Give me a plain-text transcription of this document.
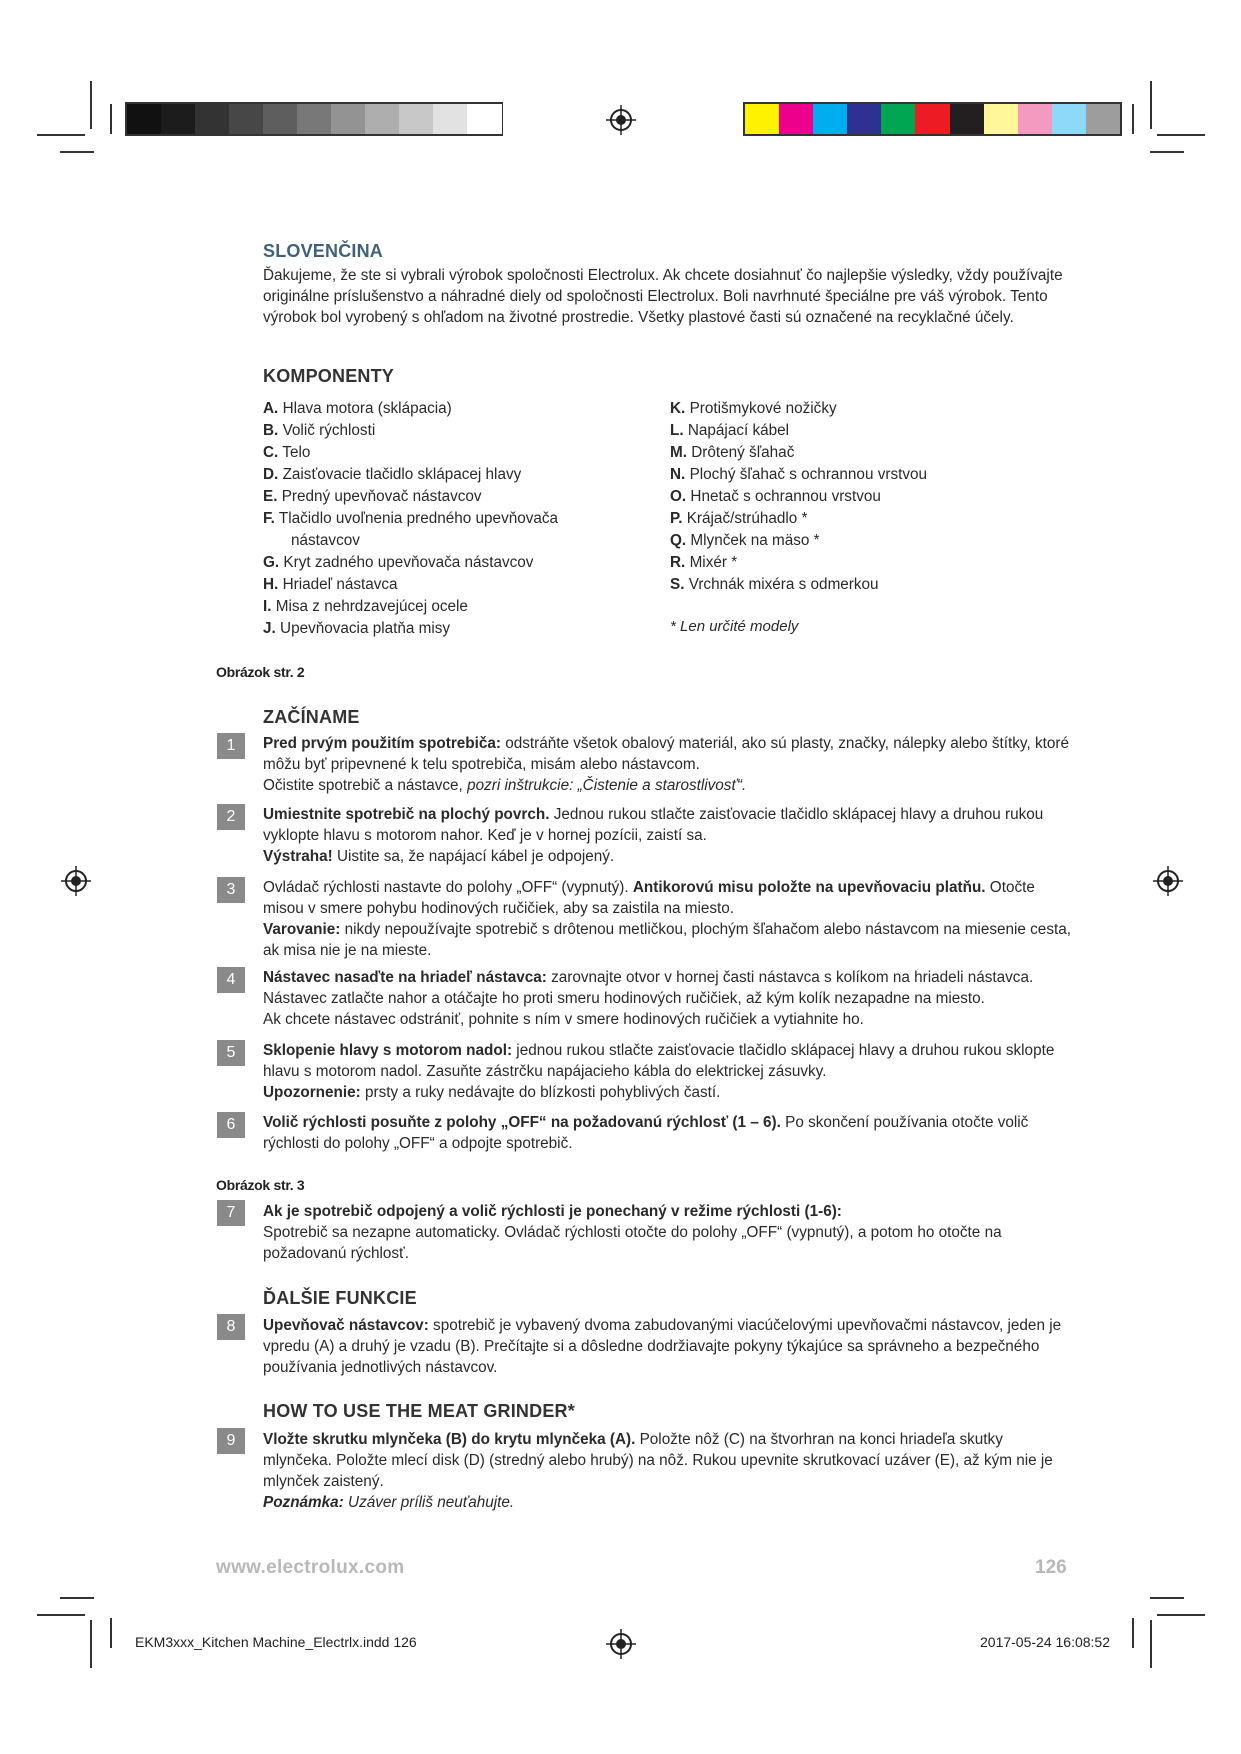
SLOVENČINA
Ďakujeme, že ste si vybrali výrobok spoločnosti Electrolux. Ak chcete dosiahnuť čo najlepšie výsledky, vždy používajte originálne príslušenstvo a náhradné diely od spoločnosti Electrolux. Boli navrhnuté špeciálne pre váš výrobok. Tento výrobok bol vyrobený s ohľadom na životné prostredie. Všetky plastové časti sú označené na recyklačné účely.
KOMPONENTY
A. Hlava motora (sklápacia)
B. Volič rýchlosti
C. Telo
D. Zaisťovacie tlačidlo sklápacej hlavy
E. Predný upevňovač nástavcov
F. Tlačidlo uvoľnenia predného upevňovača
nástavcov
G. Kryt zadného upevňovača nástavcov
H. Hriadeľ nástavca
I. Misa z nehrdzavejúcej ocele
J. Upevňovacia platňa misy
K. Protišmykové nožičky
L. Napájací kábel
M. Drôtený šľahač
N. Plochý šľahač s ochrannou vrstvou
O. Hnetač s ochrannou vrstvou
P. Krájač/strúhadlo *
Q. Mlynček na mäso *
R. Mixér *
S. Vrchnák mixéra s odmerkou
* Len určité modely
Obrázok str. 2
ZAČÍNAME
1	Pred prvým použitím spotrebiča: odstráňte všetok obalový materiál, ako sú plasty, značky, nálepky alebo štítky, ktoré môžu byť pripevnené k telu spotrebiča, misám alebo nástavcom.

Očistite spotrebič a nástavce, pozri inštrukcie: „Čistenie a starostlivosť“.

2	Umiestnite spotrebič na plochý povrch. Jednou rukou stlačte zaisťovacie tlačidlo sklápacej hlavy a druhou rukou vyklopte hlavu s motorom nahor. Keď je v hornej pozícii, zaistí sa.

Výstraha! Uistite sa, že napájací kábel je odpojený.

3	Ovládač rýchlosti nastavte do polohy „OFF“ (vypnutý). Antikorovú misu položte na upevňovaciu platňu. Otočte misou v smere pohybu hodinových ručičiek, aby sa zaistila na miesto.

Varovanie: nikdy nepoužívajte spotrebič s drôtenou metličkou, plochým šľahačom alebo nástavcom na miesenie cesta, ak misa nie je na mieste.

4	Nástavec nasaďte na hriadeľ nástavca: zarovnajte otvor v hornej časti nástavca s kolíkom na hriadeli nástavca. Nástavec zatlačte nahor a otáčajte ho proti smeru hodinových ručičiek, až kým kolík nezapadne na miesto.

Ak chcete nástavec odstrániť, pohnite s ním v smere hodinových ručičiek a vytiahnite ho.

5	Sklopenie hlavy s motorom nadol: jednou rukou stlačte zaisťovacie tlačidlo sklápacej hlavy a druhou rukou sklopte hlavu s motorom nadol. Zasuňte zástrčku napájacieho kábla do elektrickej zásuvky.

Upozornenie: prsty a ruky nedávajte do blízkosti pohyblivých častí.

6	Volič rýchlosti posuňte z polohy „OFF“ na požadovanú rýchlosť (1 – 6). Po skončení používania otočte volič rýchlosti do polohy „OFF“ a odpojte spotrebič.

Obrázok str. 3
7	Ak je spotrebič odpojený a volič rýchlosti je ponechaný v režime rýchlosti (1-6):

Spotrebič sa nezapne automaticky. Ovládač rýchlosti otočte do polohy „OFF“ (vypnutý), a potom ho otočte na požadovanú rýchlosť.

ĎALŠIE FUNKCIE
8	Upevňovač nástavcov: spotrebič je vybavený dvoma zabudovanými viacúčelovými upevňovačmi nástavcov, jeden je vpredu (A) a druhý je vzadu (B). Prečítajte si a dôsledne dodržiavajte pokyny týkajúce sa správneho a bezpečného používania jednotlivých nástavcov.

HOW TO USE THE MEAT GRINDER*
9	Vložte skrutku mlynčeka (B) do krytu mlynčeka (A). Položte nôž (C) na štvorhran na konci hriadeľa skutky mlynčeka. Položte mlecí disk (D) (stredný alebo hrubý) na nôž. Rukou upevnite skrutkovací uzáver (E), až kým nie je mlynček zaistený.

Poznámka: Uzáver príliš neuťahujte.

www.electrolux.com	126
EKM3xxx_Kitchen Machine_Electrlx.indd 126	2017-05-24 16:08:52
